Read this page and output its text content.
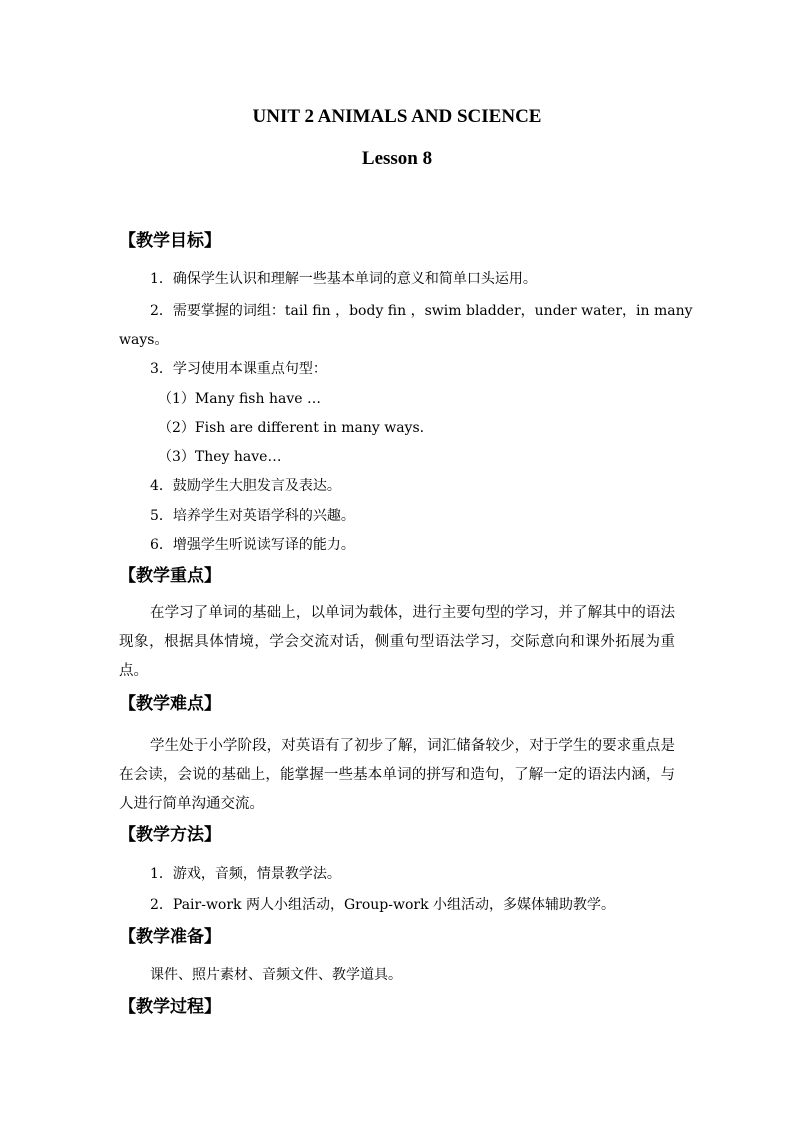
UNIT 2 ANIMALS AND SCIENCE
Lesson 8
【教学目标】
1．确保学生认识和理解一些基本单词的意义和简单口头运用。
2．需要掌握的词组：tail fin ，body fin ，swim bladder，under water，in many
ways。
3．学习使用本课重点句型：
（1）Many fish have …
（2）Fish are different in many ways.
（3）They have…
4．鼓励学生大胆发言及表达。
5．培养学生对英语学科的兴趣。
6．增强学生听说读写译的能力。
【教学重点】
在学习了单词的基础上，以单词为载体，进行主要句型的学习，并了解其中的语法现象，根据具体情境，学会交流对话，侧重句型语法学习，交际意向和课外拓展为重点。
【教学难点】
学生处于小学阶段，对英语有了初步了解，词汇储备较少，对于学生的要求重点是在会读，会说的基础上，能掌握一些基本单词的拼写和造句，了解一定的语法内涵，与人进行简单沟通交流。
【教学方法】
1．游戏，音频，情景教学法。
2．Pair-work 两人小组活动，Group-work 小组活动，多媒体辅助教学。
【教学准备】
课件、照片素材、音频文件、教学道具。
【教学过程】
